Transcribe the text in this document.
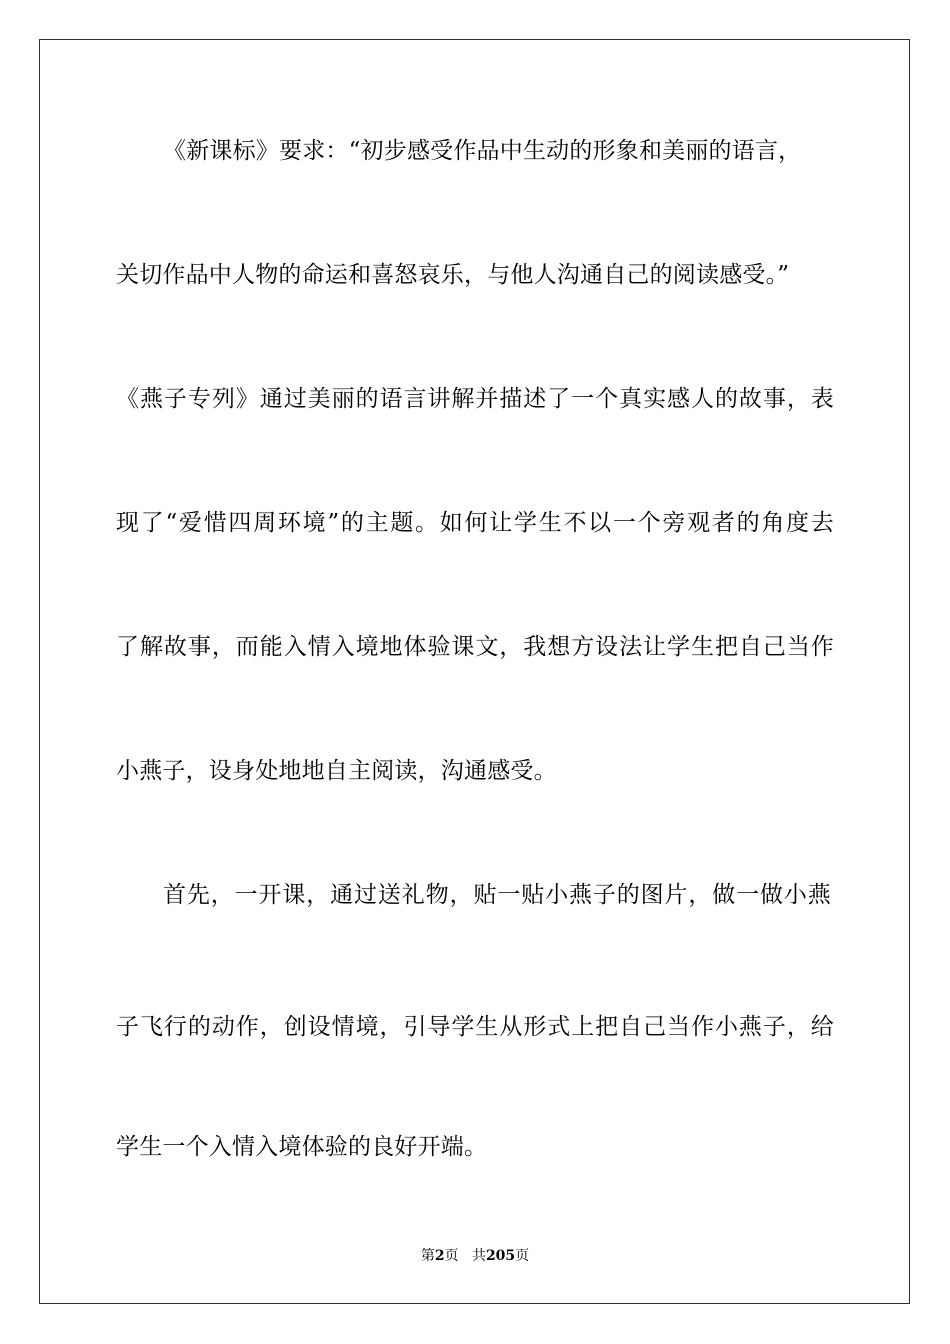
《新课标》要求：“初步感受作品中生动的形象和美丽的语言，
关切作品中人物的命运和喜怒哀乐，与他人沟通自己的阅读感受。”
《燕子专列》通过美丽的语言讲解并描述了一个真实感人的故事，表
现了“爱惜四周环境”的主题。如何让学生不以一个旁观者的角度去
了解故事，而能入情入境地体验课文，我想方设法让学生把自己当作
小燕子，设身处地地自主阅读，沟通感受。
首先，一开课，通过送礼物，贴一贴小燕子的图片，做一做小燕
子飞行的动作，创设情境，引导学生从形式上把自己当作小燕子，给
学生一个入情入境体验的良好开端。
第2页 共205页
